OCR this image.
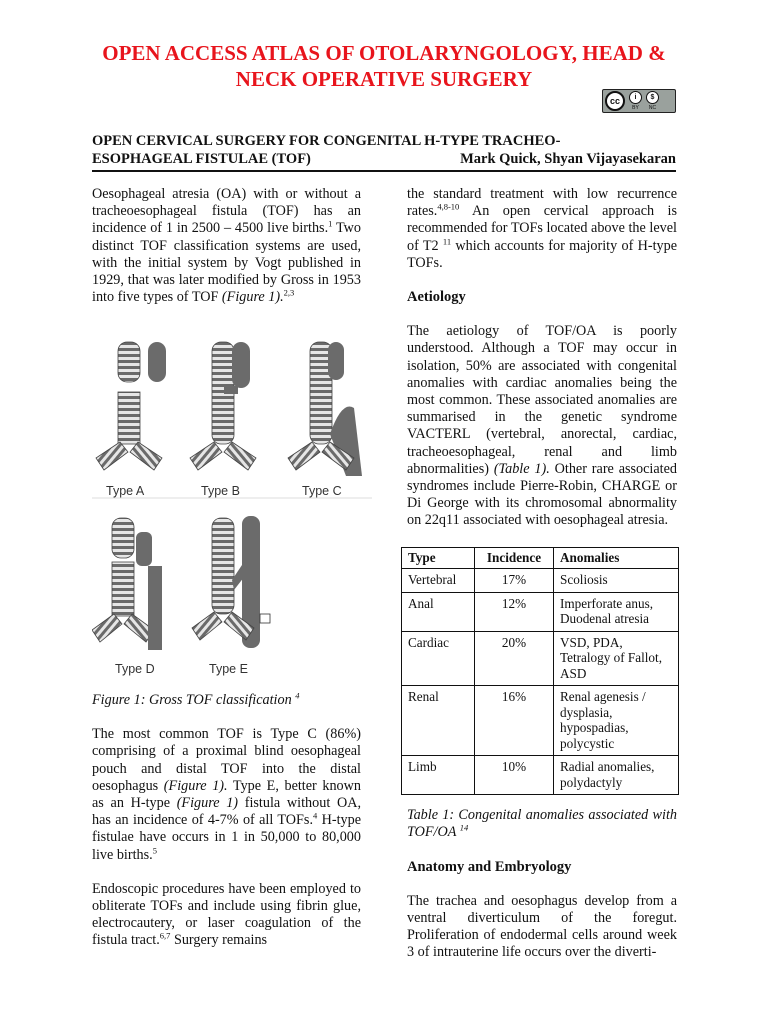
OPEN ACCESS ATLAS OF OTOLARYNGOLOGY, HEAD &
NECK OPERATIVE SURGERY
cc	i
BY
$
NC
OPEN CERVICAL SURGERY FOR CONGENITAL H-TYPE TRACHEO-
ESOPHAGEAL FISTULAE (TOF)	Mark Quick, Shyan Vijayasekaran

Oesophageal atresia (OA) with or without a tracheoesophageal fistula (TOF) has an incidence of 1 in 2500 – 4500 live births.$^1$ Two distinct TOF classification systems are used, with the initial system by Vogt published in 1929, that was later modified by Gross in 1953 into five types of TOF (Figure 1).$^{2,3}$

Type A	Type B	Type C
Type D	Type E

Figure 1: Gross TOF classification $^4$

The most common TOF is Type C (86%) comprising of a proximal blind oesophageal pouch and distal TOF into the distal oesophagus (Figure 1). Type E, better known as an H-type (Figure 1) fistula without OA, has an incidence of 4-7% of all TOFs.$^4$ H-type fistulae have occurs in 1 in 50,000 to 80,000 live births.$^5$

Endoscopic procedures have been employed to obliterate TOFs and include using fibrin glue, electrocautery, or laser coagulation of the fistula tract.$^{6,7}$ Surgery remains

the standard treatment with low recurrence rates.$^{4,8-10}$ An open cervical approach is recommended for TOFs located above the level of T2 $^{11}$ which accounts for majority of H-type TOFs.

Aetiology

The aetiology of TOF/OA is poorly understood. Although a TOF may occur in isolation, 50% are associated with congenital anomalies with cardiac anomalies being the most common. These associated anomalies are summarised in the genetic syndrome VACTERL (vertebral, anorectal, cardiac, tracheoesophageal, renal and limb abnormalities) (Table 1). Other rare associated syndromes include Pierre-Robin, CHARGE or Di George with its chromosomal abnormality on 22q11 associated with oesophageal atresia.

Type	Incidence	Anomalies
Vertebral	17%	Scoliosis
Anal	12%	Imperforate anus, Duodenal atresia
Cardiac	20%	VSD, PDA, Tetralogy of Fallot, ASD
Renal	16%	Renal agenesis / dysplasia, hypospadias, polycystic
Limb	10%	Radial anomalies, polydactyly

Table 1: Congenital anomalies associated with TOF/OA $^{14}$

Anatomy and Embryology

The trachea and oesophagus develop from a ventral diverticulum of the foregut. Proliferation of endodermal cells around week 3 of intrauterine life occurs over the diverti-
